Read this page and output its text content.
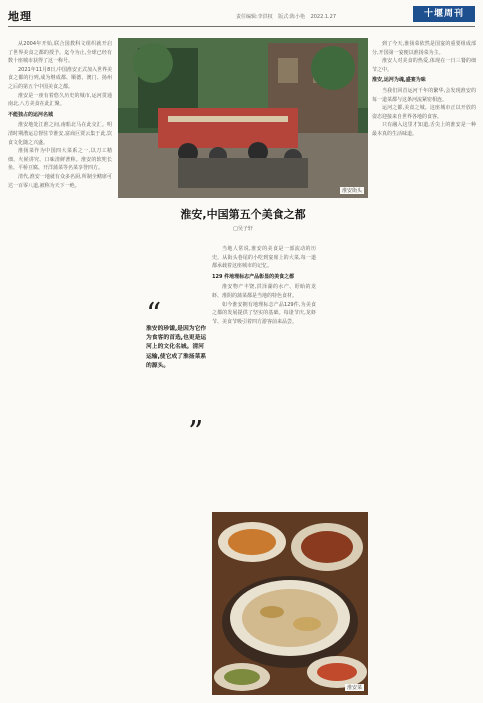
地理	责任编辑:李洪权 版式:陈小艳 2022.1.27	十堰周刊

从2004年开始,联合国教科文组织就开启了世界美食之都的授予。迄今为止,全球已经有数十座城市获得了这一称号。

2021年11月8日,中国淮安正式加入世界美食之都的行列,成为继成都、顺德、澳门、扬州之后的第五个中国美食之都。

淮安是一座有着悠久历史的城市,运河贯通南北,八方美食在此汇聚。

不能独占的运河名城

淮安地处江淮之间,南船北马在此交汇。明清时期漕运总督驻节淮安,富商巨贾云集于此,饮食文化随之兴盛。

淮扬菜作为中国四大菜系之一,以刀工精细、火候讲究、口味清鲜著称。淮安的软兜长鱼、平桥豆腐、开洋蒲菜等名菜享誉四方。

清代,淮安一地就有众多名厨,所制全鳝席可达一百零八道,被称为天下一绝。

淮安街头
淮安,中国第五个美食之都
□吴子轩
“
淮安的珍馐,是因为它作为食客的首选,也更是运河上的文化名城。清河运输,使它成了淮扬菜系的源头。
”

当地人常说,淮安的美食是一部流动的历史。从街头巷尾的小吃到宴席上的大菜,每一道都承载着这座城市的记忆。

129 件地理标志产品彰显的美食之都

淮安物产丰饶,洪泽湖的水产、盱眙的龙虾、淮阴的蒲菜都是当地的特色食材。

如今淮安拥有地理标志产品129件,为美食之都的发展提供了坚实的基础。每逢节庆,龙虾节、美食节吸引着四方游客前来品尝。

淮安菜

到了今天,淮扬菜依然是国宴的重要组成部分,开国第一宴便以淮扬菜为主。

淮安人对美食的热爱,体现在一日三餐的细节之中。

淮安,运河为魂,盛宴为味

当我们回首运河千年的繁华,会发现淮安的每一道菜都与这条河流紧密相连。

运河之都,美食之城。这座城市正以开放的姿态迎接来自世界各地的食客。

只有融入这里才知道,舌尖上的淮安是一种最本真的生活味道。
